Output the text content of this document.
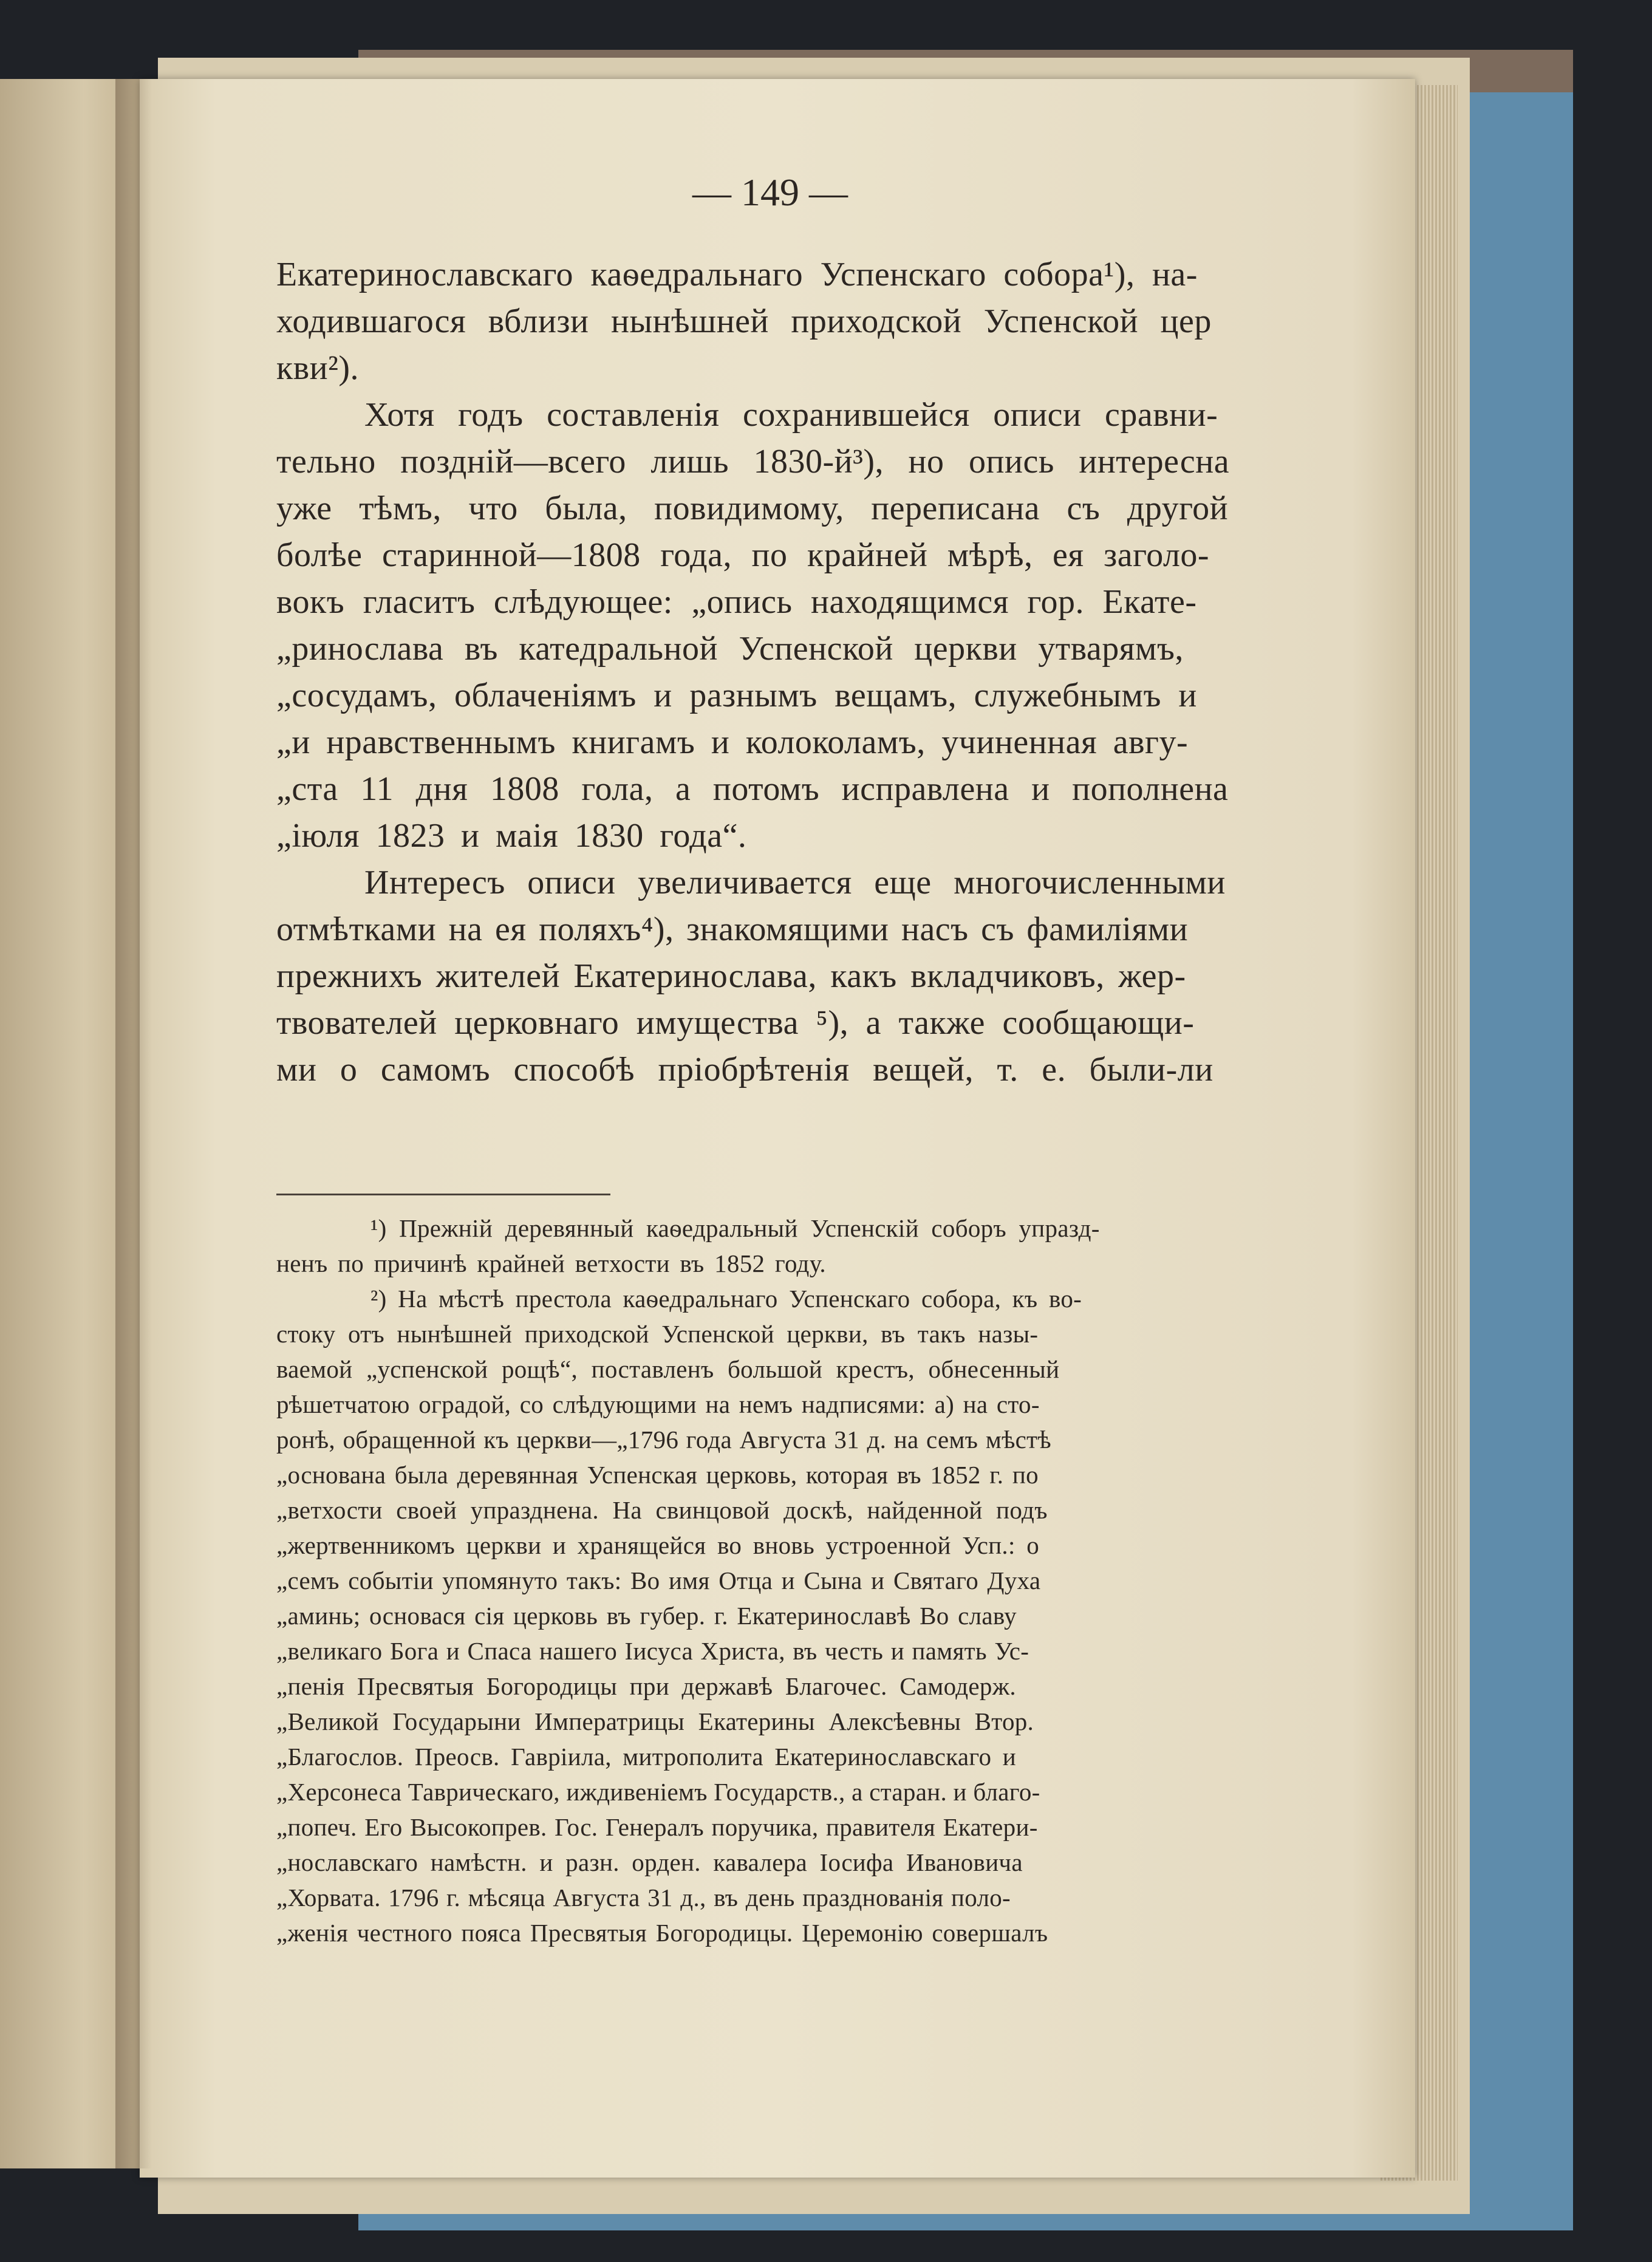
— 149 —
Екатеринославскаго каѳедральнаго Успенскаго собора¹), на-
ходившагося вблизи нынѣшней приходской Успенской цер
кви²).
Хотя годъ составленія сохранившейся описи сравни-
тельно поздній—всего лишь 1830-й³), но опись интересна
уже тѣмъ, что была, повидимому, переписана съ другой
болѣе старинной—1808 года, по крайней мѣрѣ, ея заголо-
вокъ гласитъ слѣдующее: „опись находящимся гор. Екате-
„ринослава въ катедральной Успенской церкви утварямъ,
„сосудамъ, облаченіямъ и разнымъ вещамъ, служебнымъ и
„и нравственнымъ книгамъ и колоколамъ, учиненная авгу-
„ста 11 дня 1808 гола, а потомъ исправлена и пополнена
„іюля 1823 и маія 1830 года“.
Интересъ описи увеличивается еще многочисленными
отмѣтками на ея поляхъ⁴), знакомящими насъ съ фамиліями
прежнихъ жителей Екатеринослава, какъ вкладчиковъ, жер-
твователей церковнаго имущества ⁵), а также сообщающи-
ми о самомъ способѣ пріобрѣтенія вещей, т. е. были-ли
¹) Прежній деревянный каѳедральный Успенскій соборъ упразд-
ненъ по причинѣ крайней ветхости въ 1852 году.
²) На мѣстѣ престола каѳедральнаго Успенскаго собора, къ во-
стоку отъ нынѣшней приходской Успенской церкви, въ такъ назы-
ваемой „успенской рощѣ“, поставленъ большой крестъ, обнесенный
рѣшетчатою оградой, со слѣдующими на немъ надписями: а) на сто-
ронѣ, обращенной къ церкви—„1796 года Августа 31 д. на семъ мѣстѣ
„основана была деревянная Успенская церковь, которая въ 1852 г. по
„ветхости своей упразднена. На свинцовой доскѣ, найденной подъ
„жертвенникомъ церкви и хранящейся во вновь устроенной Усп.: о
„семъ событіи упомянуто такъ: Во имя Отца и Сына и Святаго Духа
„аминь; основася сія церковь въ губер. г. Екатеринославѣ Во славу
„великаго Бога и Спаса нашего Іисуса Христа, въ честь и память Ус-
„пенія Пресвятыя Богородицы при державѣ Благочес. Самодерж.
„Великой Государыни Императрицы Екатерины Алексѣевны Втор.
„Благослов. Преосв. Гавріила, митрополита Екатеринославскаго и
„Херсонеса Таврическаго, иждивеніемъ Государств., а старан. и благо-
„попеч. Его Высокопрев. Гос. Генералъ поручика, правителя Екатери-
„нославскаго намѣстн. и разн. орден. кавалера Іосифа Ивановича
„Хорвата. 1796 г. мѣсяца Августа 31 д., въ день празднованія поло-
„женія честного пояса Пресвятыя Богородицы. Церемонію совершалъ
